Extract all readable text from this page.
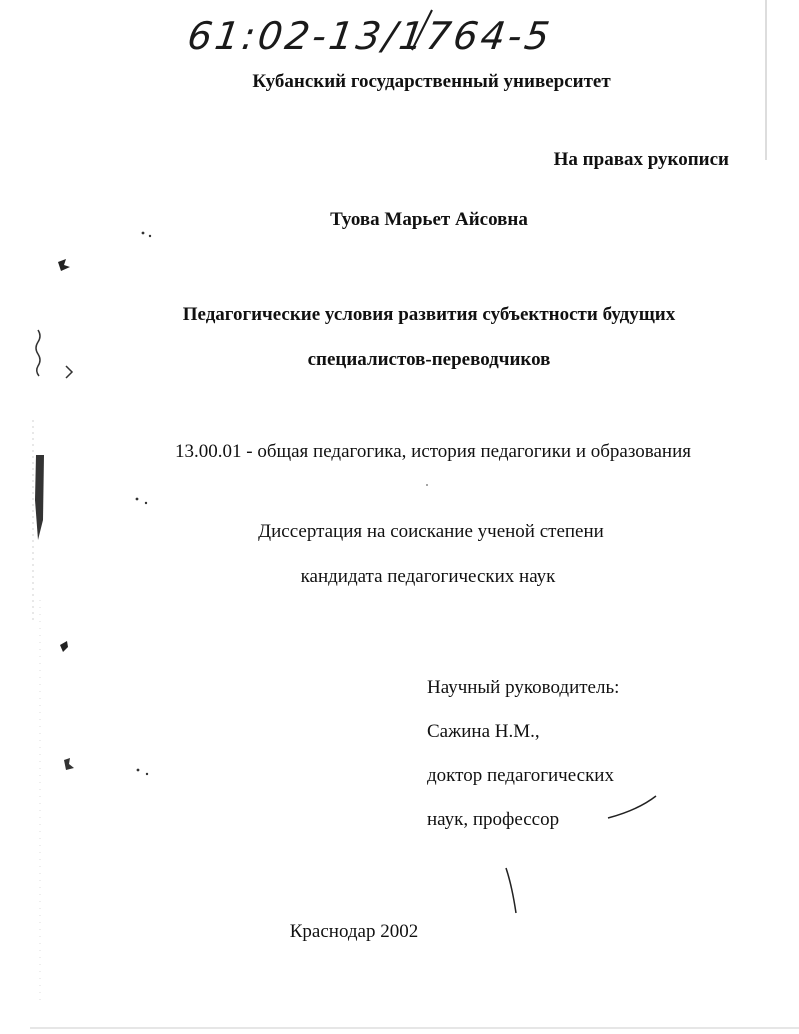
61:02-13/1764-5
Кубанский государственный университет
На правах рукописи
Туова Марьет Айсовна
Педагогические условия развития субъектности будущих
специалистов-переводчиков
13.00.01 - общая педагогика, история педагогики и образования
Диссертация на соискание ученой степени
кандидата педагогических наук
Научный руководитель:
Сажина Н.М.,
доктор педагогических
наук, профессор
Краснодар 2002
